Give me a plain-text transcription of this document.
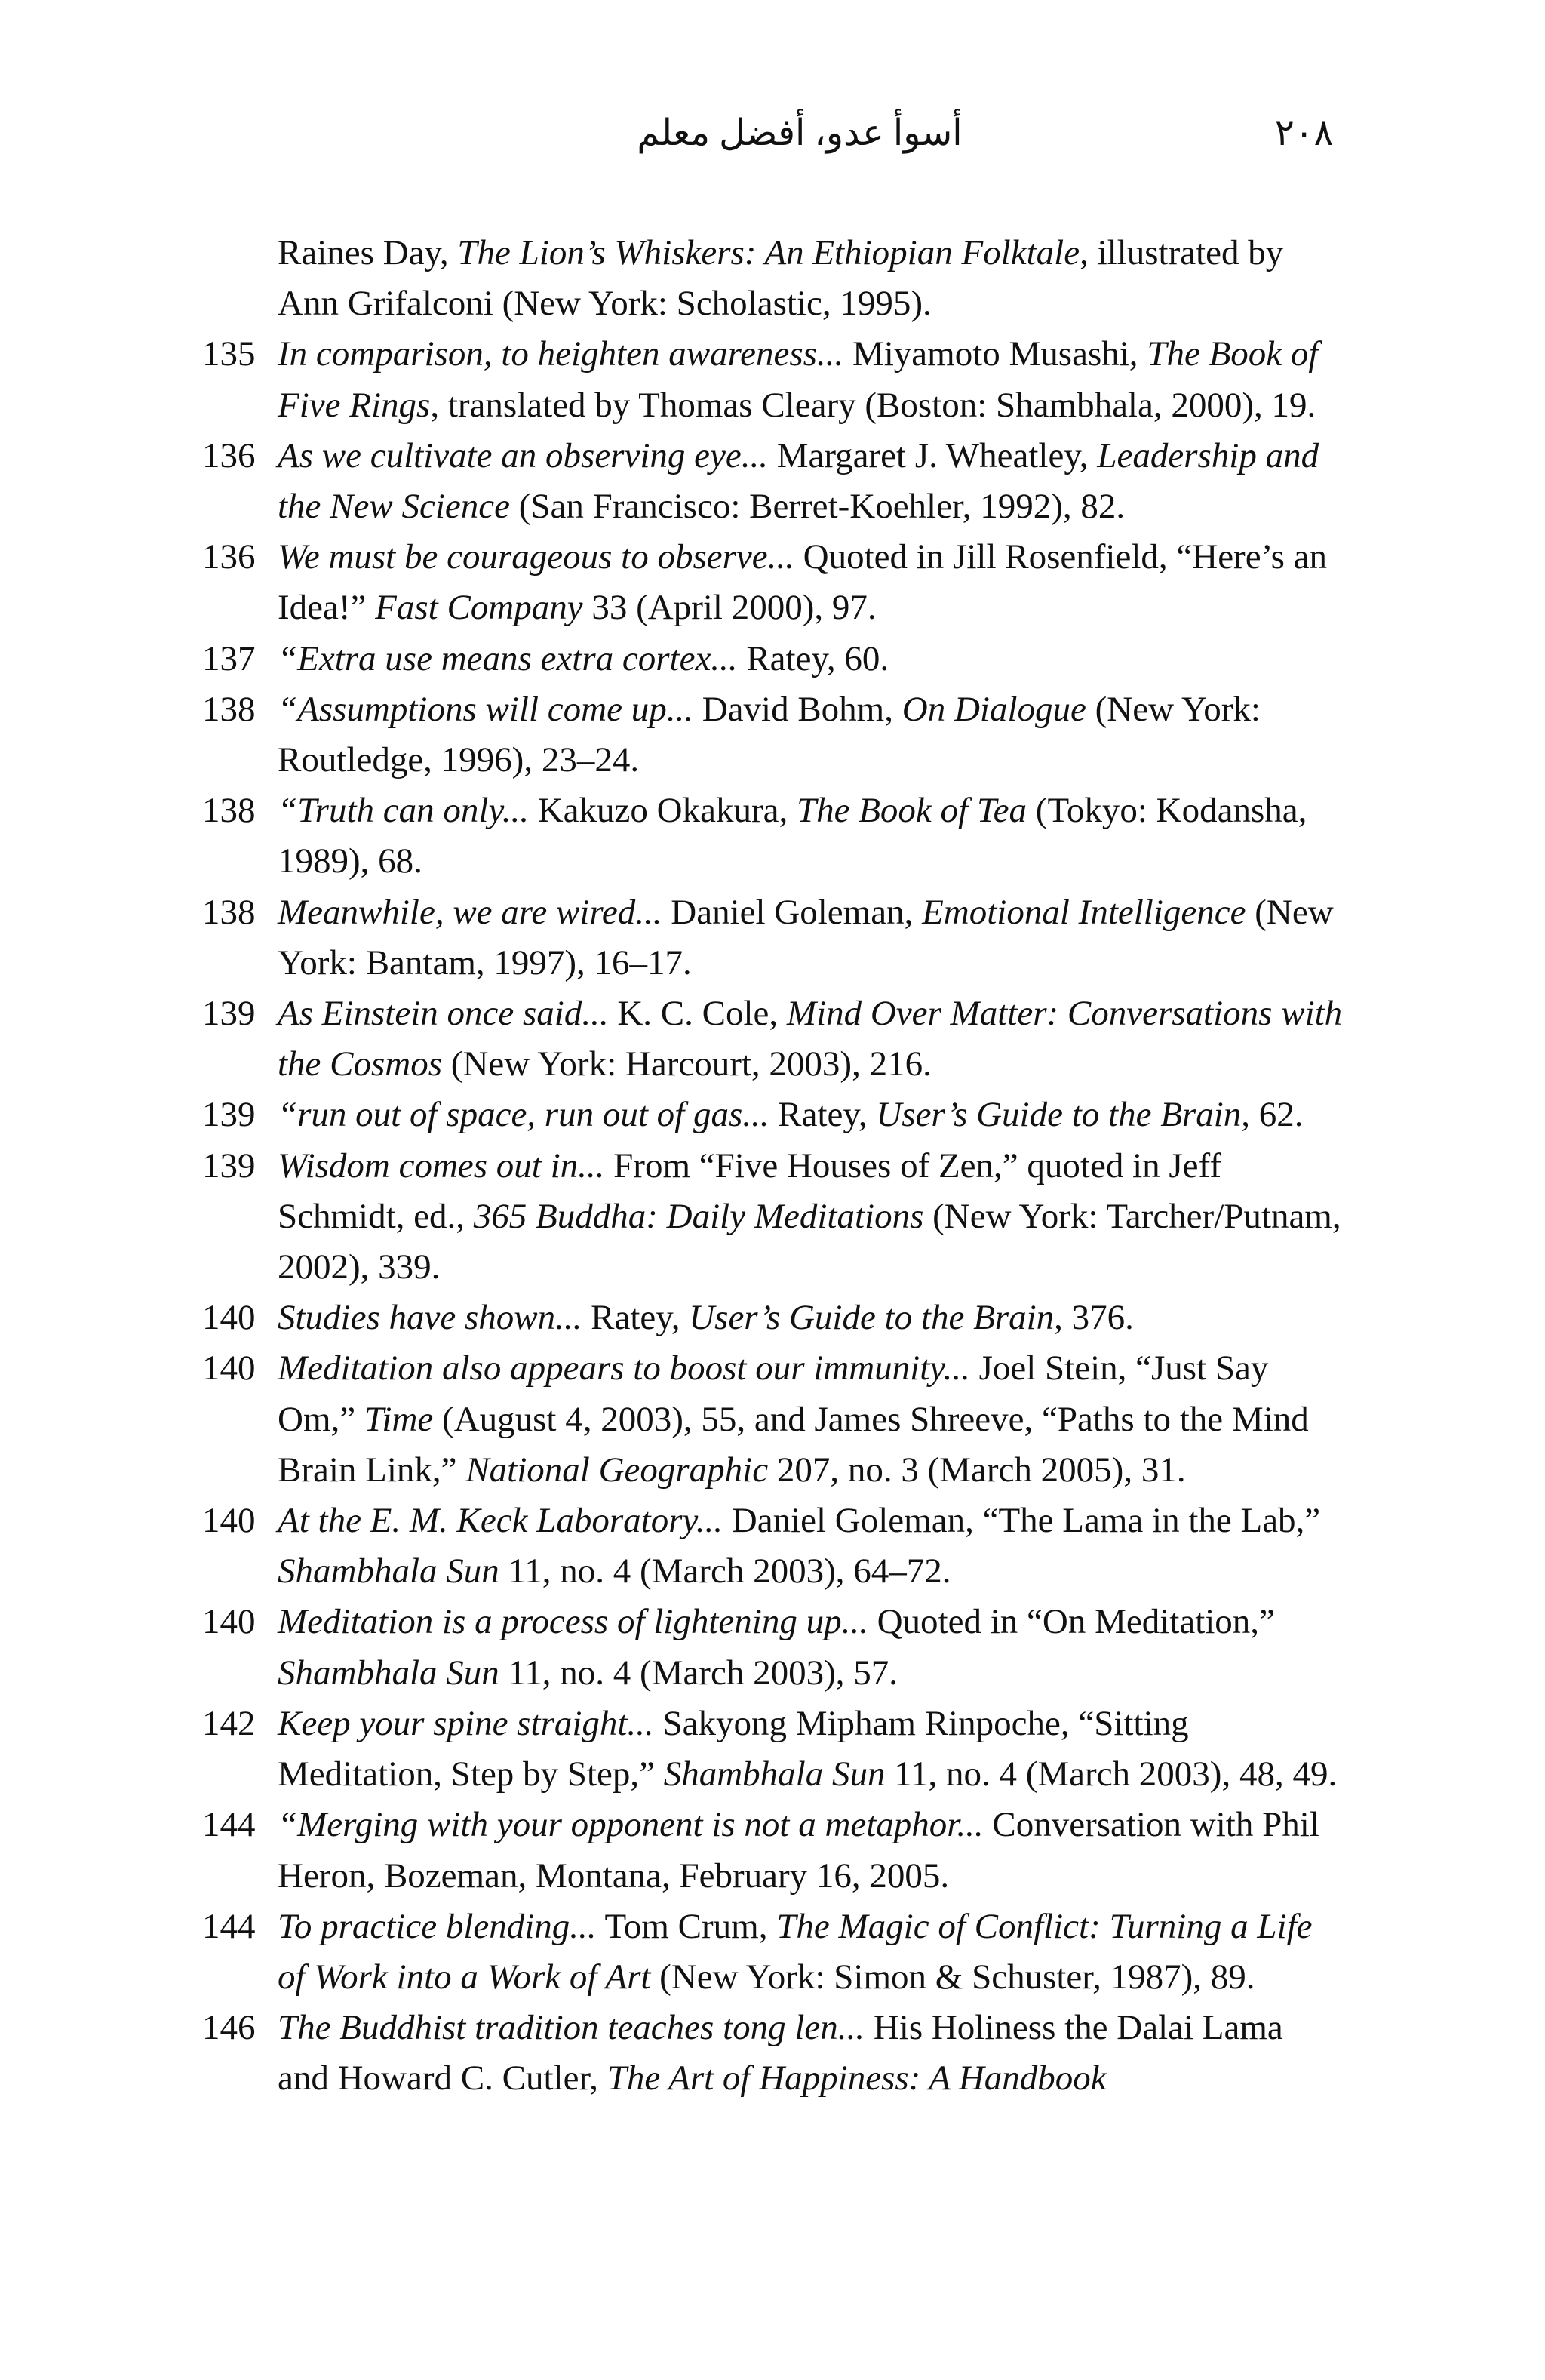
أسوأ عدو، أفضل معلم	٢٠٨

Raines Day, The Lion’s Whiskers: An Ethiopian Folktale, illustrated by Ann Grifalconi (New York: Scholastic, 1995).

135 In comparison, to heighten awareness... Miyamoto Musashi, The Book of Five Rings, translated by Thomas Cleary (Boston: Shambhala, 2000), 19.

136 As we cultivate an observing eye... Margaret J. Wheatley, Leadership and the New Science (San Francisco: Berret-Koehler, 1992), 82.

136 We must be courageous to observe... Quoted in Jill Rosenfield, “Here’s an Idea!” Fast Company 33 (April 2000), 97.

137 “Extra use means extra cortex... Ratey, 60.

138 “Assumptions will come up... David Bohm, On Dialogue (New York: Routledge, 1996), 23–24.

138 “Truth can only... Kakuzo Okakura, The Book of Tea (Tokyo: Kodansha, 1989), 68.

138 Meanwhile, we are wired... Daniel Goleman, Emotional Intelligence (New York: Bantam, 1997), 16–17.

139 As Einstein once said... K. C. Cole, Mind Over Matter: Conversations with the Cosmos (New York: Harcourt, 2003), 216.

139 “run out of space, run out of gas... Ratey, User’s Guide to the Brain, 62.

139 Wisdom comes out in... From “Five Houses of Zen,” quoted in Jeff Schmidt, ed., 365 Buddha: Daily Meditations (New York: Tarcher/Putnam, 2002), 339.

140 Studies have shown... Ratey, User’s Guide to the Brain, 376.

140 Meditation also appears to boost our immunity... Joel Stein, “Just Say Om,” Time (August 4, 2003), 55, and James Shreeve, “Paths to the Mind Brain Link,” National Geographic 207, no. 3 (March 2005), 31.

140 At the E. M. Keck Laboratory... Daniel Goleman, “The Lama in the Lab,” Shambhala Sun 11, no. 4 (March 2003), 64–72.

140 Meditation is a process of lightening up... Quoted in “On Meditation,” Shambhala Sun 11, no. 4 (March 2003), 57.

142 Keep your spine straight... Sakyong Mipham Rinpoche, “Sitting Meditation, Step by Step,” Shambhala Sun 11, no. 4 (March 2003), 48, 49.

144 “Merging with your opponent is not a metaphor... Conversation with Phil Heron, Bozeman, Montana, February 16, 2005.

144 To practice blending... Tom Crum, The Magic of Conflict: Turning a Life of Work into a Work of Art (New York: Simon & Schuster, 1987), 89.

146 The Buddhist tradition teaches tong len... His Holiness the Dalai Lama and Howard C. Cutler, The Art of Happiness: A Handbook
